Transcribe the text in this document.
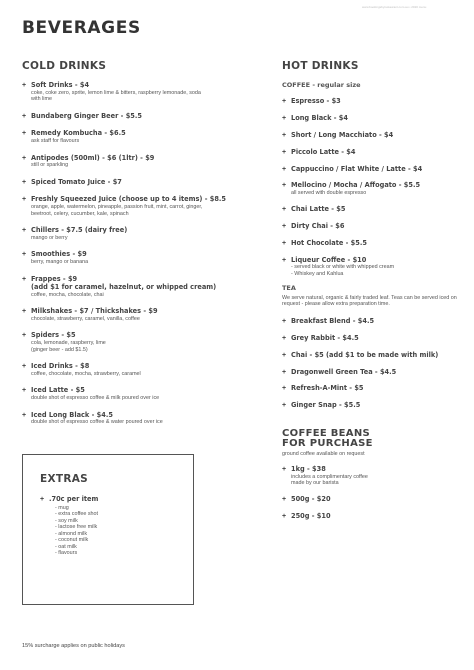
www.bookingsbyrestaurant.com.au • 2020 menu
BEVERAGES
COLD DRINKS
+ Soft Drinks - $4
coke, coke zero, sprite, lemon lime & bitters, raspberry lemonade, soda
with lime
+ Bundaberg Ginger Beer - $5.5
+ Remedy Kombucha - $6.5
ask staff for flavours
+ Antipodes (500ml) - $6 (1ltr) - $9
still or sparkling
+ Spiced Tomato Juice - $7
+ Freshly Squeezed Juice (choose up to 4 items) - $8.5
orange, apple, watermelon, pineapple, passion fruit, mint, carrot, ginger,
beetroot, celery, cucumber, kale, spinach
+ Chillers - $7.5 (dairy free)
mango or berry
+ Smoothies - $9
berry, mango or banana
+ Frappes - $9
(add $1 for caramel, hazelnut, or whipped cream)
coffee, mocha, chocolate, chai
+ Milkshakes - $7 / Thickshakes - $9
chocolate, strawberry, caramel, vanilla, coffee
+ Spiders - $5
cola, lemonade, raspberry, lime
(ginger beer - add $1.5)
+ Iced Drinks - $8
coffee, chocolate, mocha, strawberry, caramel
+ Iced Latte - $5
double shot of espresso coffee & milk poured over ice
+ Iced Long Black - $4.5
double shot of espresso coffee & water poured over ice
HOT DRINKS
COFFEE - regular size
+ Espresso - $3
+ Long Black - $4
+ Short / Long Macchiato - $4
+ Piccolo Latte - $4
+ Cappuccino / Flat White / Latte - $4
+ Mellocino / Mocha / Affogato - $5.5
all served with double espresso
+ Chai Latte - $5
+ Dirty Chai - $6
+ Hot Chocolate - $5.5
+ Liqueur Coffee - $10
- served black or white with whipped cream
- Whiskey and Kahlua
TEA
We serve natural, organic & fairly traded leaf. Teas can be served iced on request - please allow extra preparation time.
+ Breakfast Blend - $4.5
+ Grey Rabbit - $4.5
+ Chai - $5 (add $1 to be made with milk)
+ Dragonwell Green Tea - $4.5
+ Refresh-A-Mint - $5
+ Ginger Snap - $5.5
COFFEE BEANS
FOR PURCHASE
ground coffee available on request
+ 1kg - $38
includes a complimentary coffee
made by our barista
+ 500g - $20
+ 250g - $10
EXTRAS
+ .70c per item
- mug
- extra coffee shot
- soy milk
- lactose free milk
- almond milk
- coconut milk
- oat milk
- flavours
15% surcharge applies on public holidays
